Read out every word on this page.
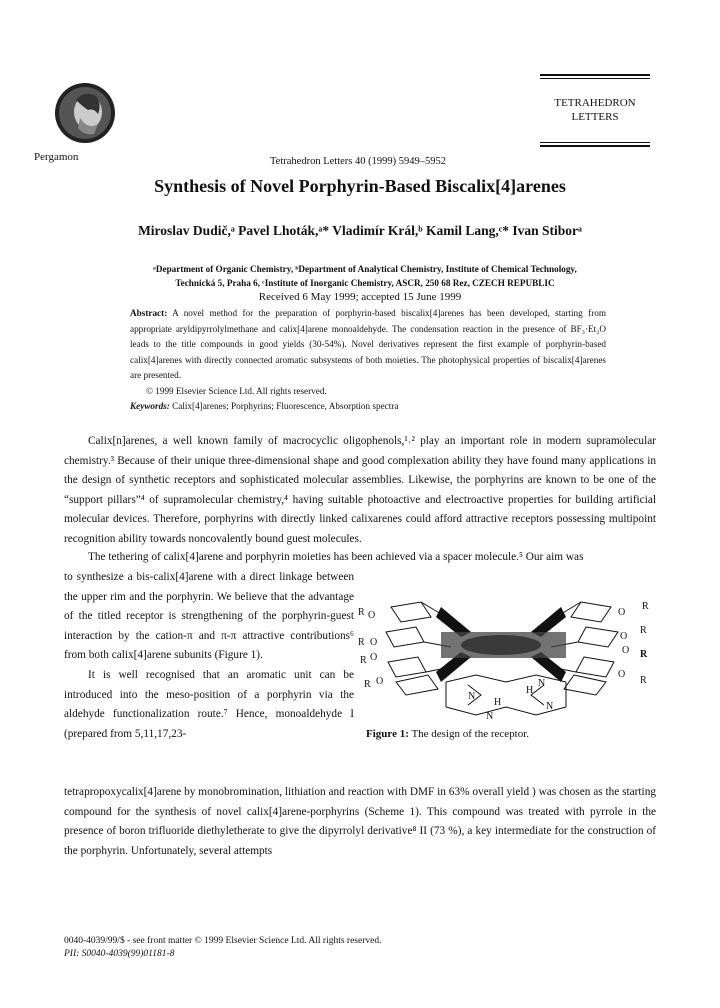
Pergamon	Tetrahedron Letters 40 (1999) 5949–5952
TETRAHEDRON
LETTERS
Synthesis of Novel Porphyrin-Based Biscalix[4]arenes
Miroslav Dudič,ᵃ Pavel Lhoták,ᵃ* Vladimír Král,ᵇ Kamil Lang,ᶜ* Ivan Stiborᵃ
ᵃDepartment of Organic Chemistry, ᵇDepartment of Analytical Chemistry, Institute of Chemical Technology,
Technická 5, Praha 6, ᶜInstitute of Inorganic Chemistry, ASCR, 250 68 Rez, CZECH REPUBLIC
Received 6 May 1999; accepted 15 June 1999
Abstract: A novel method for the preparation of porphyrin-based biscalix[4]arenes has been developed, starting from appropriate aryldipyrrolylmethane and calix[4]arene monoaldehyde. The condensation reaction in the presence of BF₃·Et₂O leads to the title compounds in good yields (30-54%). Novel derivatives represent the first example of porphyrin-based calix[4]arenes with directly connected aromatic subsystems of both moieties. The photophysical properties of biscalix[4]arenes are presented.
© 1999 Elsevier Science Ltd. All rights reserved.
Keywords: Calix[4]arenes; Porphyrins; Fluorescence, Absorption spectra
Calix[n]arenes, a well known family of macrocyclic oligophenols,¹˒² play an important role in modern supramolecular chemistry.³ Because of their unique three-dimensional shape and good complexation ability they have found many applications in the design of synthetic receptors and sophisticated molecular assemblies. Likewise, the porphyrins are known to be one of the “support pillars”⁴ of supramolecular chemistry,⁴ having suitable photoactive and electroactive properties for building artificial molecular devices. Therefore, porphyrins with directly linked calixarenes could afford attractive receptors possessing multipoint recognition ability towards noncovalently bound guest molecules.
The tethering of calix[4]arene and porphyrin moieties has been achieved via a spacer molecule.⁵ Our aim was
to synthesize a bis-calix[4]arene with a direct linkage between the upper rim and the porphyrin. We believe that the advantage of the titled receptor is strengthening of the porphyrin-guest interaction by the cation-π and π-π attractive contributions⁶ from both calix[4]arene subunits (Figure 1).
It is well recognised that an aromatic unit can be introduced into the meso-position of a porphyrin via the aldehyde functionalization route.⁷ Hence, monoaldehyde I (prepared from 5,11,17,23-
R O
R O
R O
R O
O
R
O
R
O R
O
R
N
N
H
H
N
N
Figure 1: The design of the receptor.
tetrapropoxycalix[4]arene by monobromination, lithiation and reaction with DMF in 63% overall yield ) was chosen as the starting compound for the synthesis of novel calix[4]arene-porphyrins (Scheme 1). This compound was treated with pyrrole in the presence of boron trifluoride diethyletherate to give the dipyrrolyl derivative⁸ II (73 %), a key intermediate for the construction of the porphyrin. Unfortunately, several attempts
0040-4039/99/$ - see front matter © 1999 Elsevier Science Ltd. All rights reserved.
PII: S0040-4039(99)01181-8
